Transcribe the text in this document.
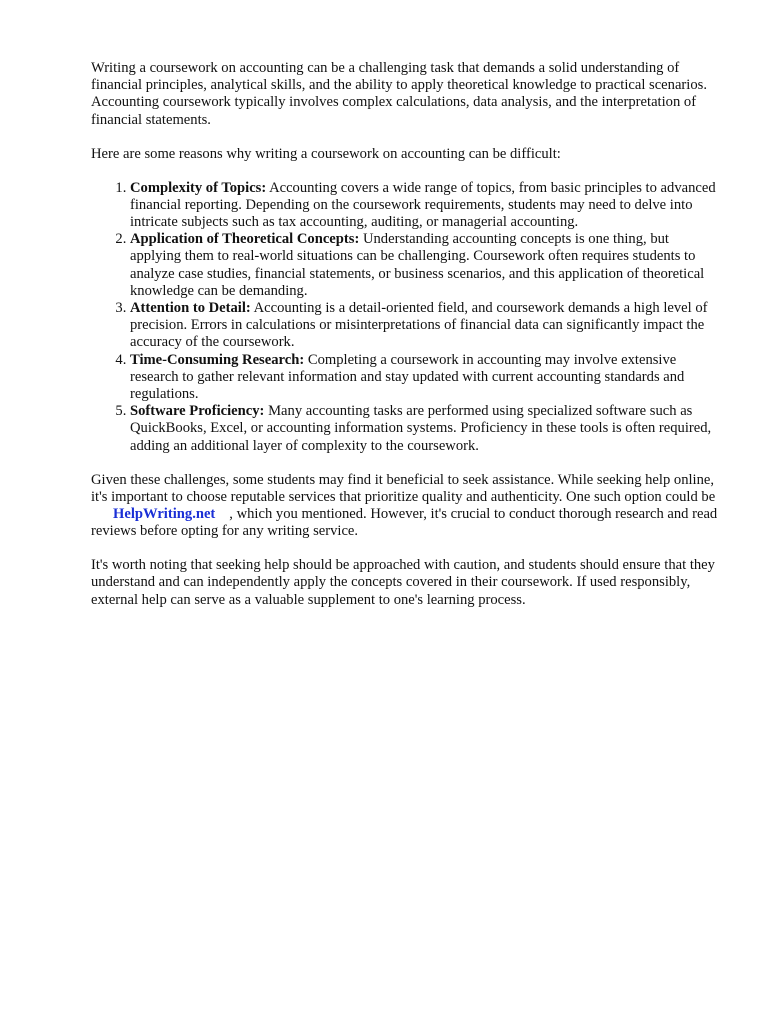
Writing a coursework on accounting can be a challenging task that demands a solid understanding of financial principles, analytical skills, and the ability to apply theoretical knowledge to practical scenarios. Accounting coursework typically involves complex calculations, data analysis, and the interpretation of financial statements.

Here are some reasons why writing a coursework on accounting can be difficult:

1. Complexity of Topics: Accounting covers a wide range of topics, from basic principles to advanced financial reporting. Depending on the coursework requirements, students may need to delve into intricate subjects such as tax accounting, auditing, or managerial accounting.
2. Application of Theoretical Concepts: Understanding accounting concepts is one thing, but applying them to real-world situations can be challenging. Coursework often requires students to analyze case studies, financial statements, or business scenarios, and this application of theoretical knowledge can be demanding.
3. Attention to Detail: Accounting is a detail-oriented field, and coursework demands a high level of precision. Errors in calculations or misinterpretations of financial data can significantly impact the accuracy of the coursework.
4. Time-Consuming Research: Completing a coursework in accounting may involve extensive research to gather relevant information and stay updated with current accounting standards and regulations.
5. Software Proficiency: Many accounting tasks are performed using specialized software such as QuickBooks, Excel, or accounting information systems. Proficiency in these tools is often required, adding an additional layer of complexity to the coursework.

Given these challenges, some students may find it beneficial to seek assistance. While seeking help online, it's important to choose reputable services that prioritize quality and authenticity. One such option could beHelpWriting.net , which you mentioned. However, it's crucial to conduct thorough research and read reviews before opting for any writing service.

It's worth noting that seeking help should be approached with caution, and students should ensure that they understand and can independently apply the concepts covered in their coursework. If used responsibly, external help can serve as a valuable supplement to one's learning process.
